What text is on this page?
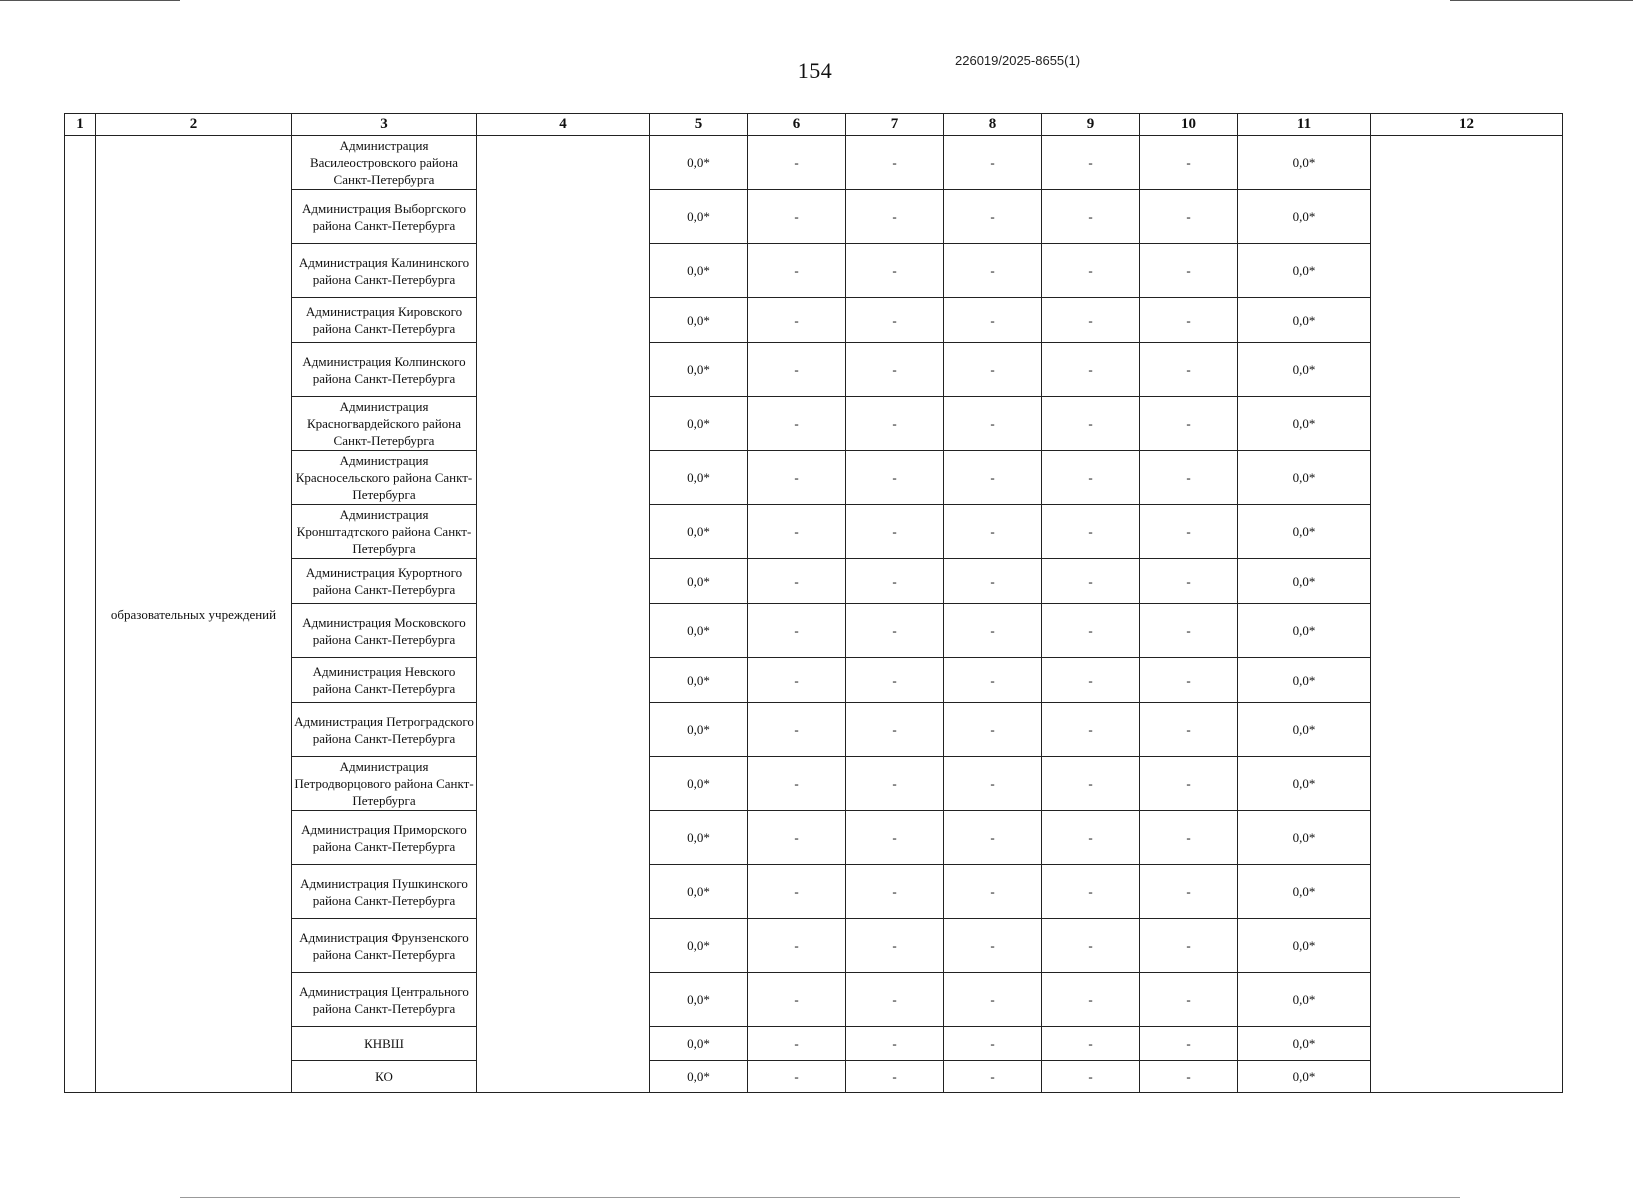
154	226019/2025-8655(1)
1	2	3	4	5	6	7	8	9	10	11	12
	образовательных учреждений	Администрация Василеостровского района Санкт-Петербурга		0,0*	-	-	-	-	-	0,0*	
		Администрация Выборгского района Санкт-Петербурга		0,0*	-	-	-	-	-	0,0*	
		Администрация Калининского района Санкт-Петербурга		0,0*	-	-	-	-	-	0,0*	
		Администрация Кировского района Санкт-Петербурга		0,0*	-	-	-	-	-	0,0*	
		Администрация Колпинского района Санкт-Петербурга		0,0*	-	-	-	-	-	0,0*	
		Администрация Красногвардейского района Санкт-Петербурга		0,0*	-	-	-	-	-	0,0*	
		Администрация Красносельского района Санкт-Петербурга		0,0*	-	-	-	-	-	0,0*	
		Администрация Кронштадтского района Санкт-Петербурга		0,0*	-	-	-	-	-	0,0*	
		Администрация Курортного района Санкт-Петербурга		0,0*	-	-	-	-	-	0,0*	
		Администрация Московского района Санкт-Петербурга		0,0*	-	-	-	-	-	0,0*	
		Администрация Невского района Санкт-Петербурга		0,0*	-	-	-	-	-	0,0*	
		Администрация Петроградского района Санкт-Петербурга		0,0*	-	-	-	-	-	0,0*	
		Администрация Петродворцового района Санкт-Петербурга		0,0*	-	-	-	-	-	0,0*	
		Администрация Приморского района Санкт-Петербурга		0,0*	-	-	-	-	-	0,0*	
		Администрация Пушкинского района Санкт-Петербурга		0,0*	-	-	-	-	-	0,0*	
		Администрация Фрунзенского района Санкт-Петербурга		0,0*	-	-	-	-	-	0,0*	
		Администрация Центрального района Санкт-Петербурга		0,0*	-	-	-	-	-	0,0*	
		КНВШ		0,0*	-	-	-	-	-	0,0*	
		КО		0,0*	-	-	-	-	-	0,0*	
